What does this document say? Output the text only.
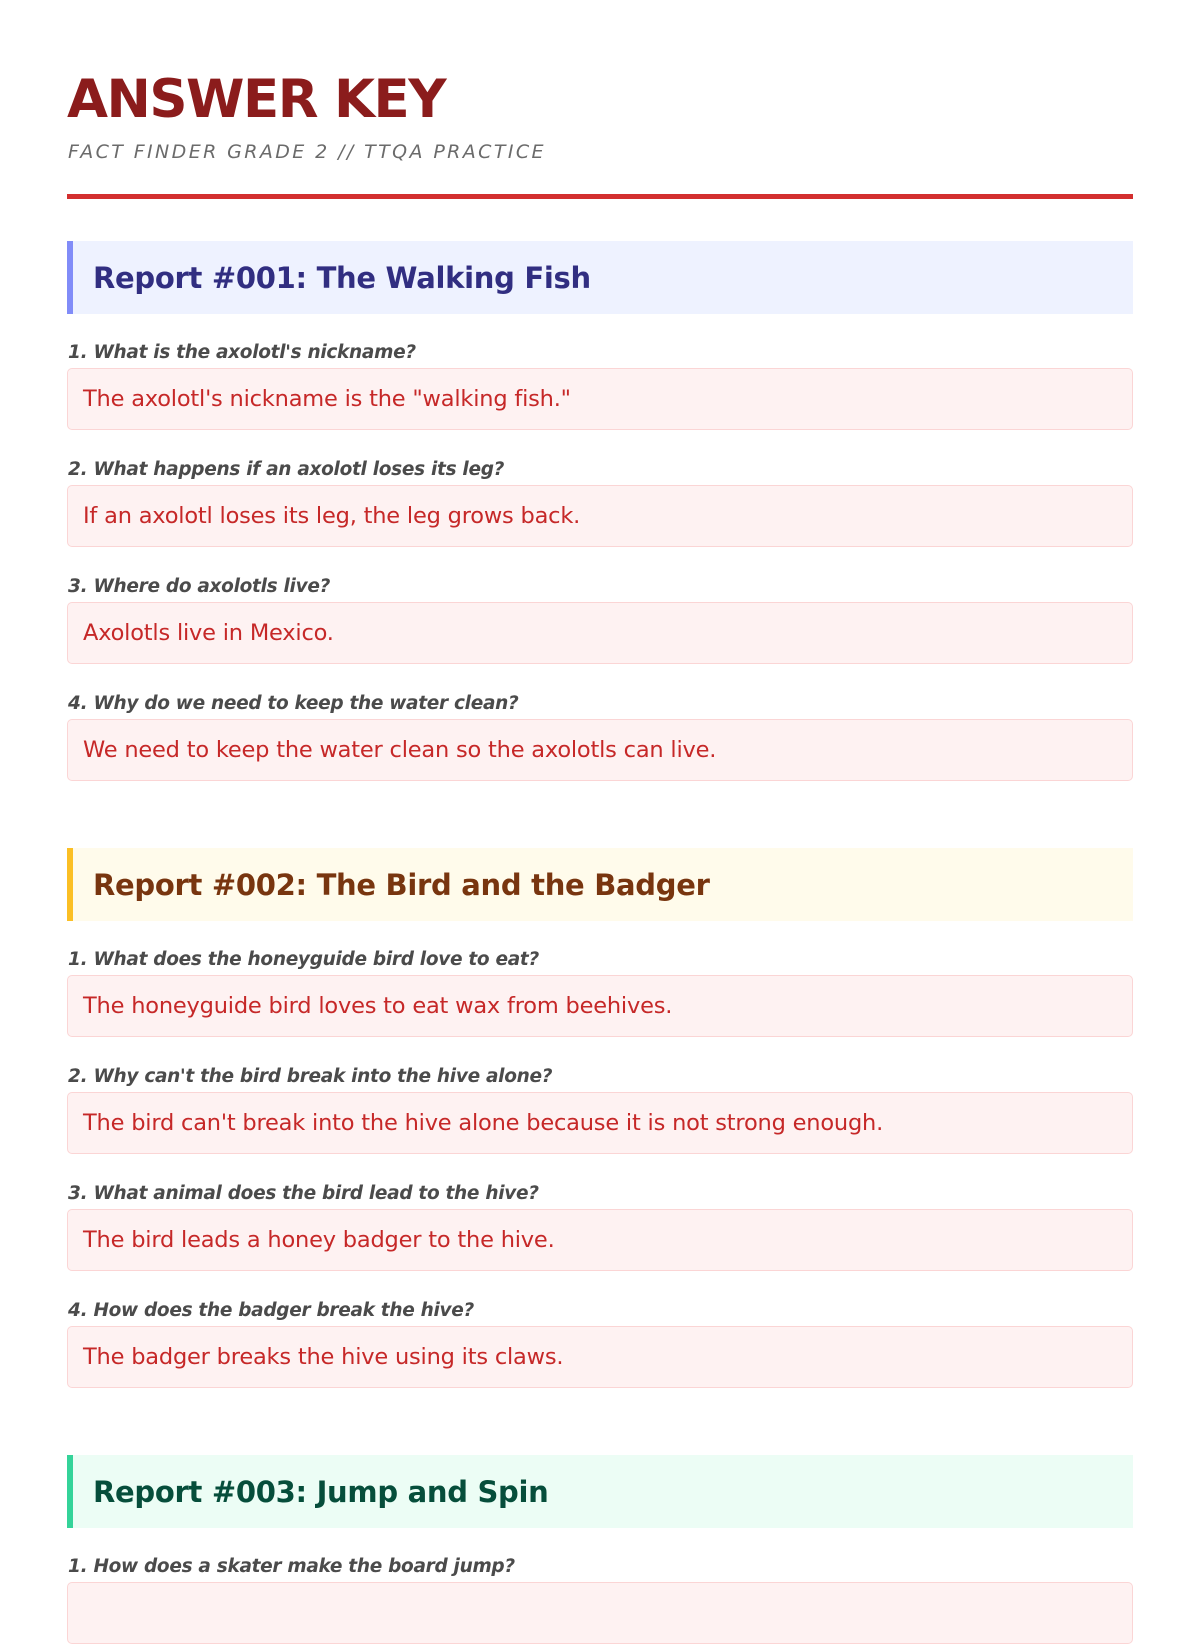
ANSWER KEY
FACT FINDER GRADE 2 // TTQA PRACTICE
Report #001: The Walking Fish
1. What is the axolotl's nickname?
The axolotl's nickname is the "walking fish."
2. What happens if an axolotl loses its leg?
If an axolotl loses its leg, the leg grows back.
3. Where do axolotls live?
Axolotls live in Mexico.
4. Why do we need to keep the water clean?
We need to keep the water clean so the axolotls can live.
Report #002: The Bird and the Badger
1. What does the honeyguide bird love to eat?
The honeyguide bird loves to eat wax from beehives.
2. Why can't the bird break into the hive alone?
The bird can't break into the hive alone because it is not strong enough.
3. What animal does the bird lead to the hive?
The bird leads a honey badger to the hive.
4. How does the badger break the hive?
The badger breaks the hive using its claws.
Report #003: Jump and Spin
1. How does a skater make the board jump?
